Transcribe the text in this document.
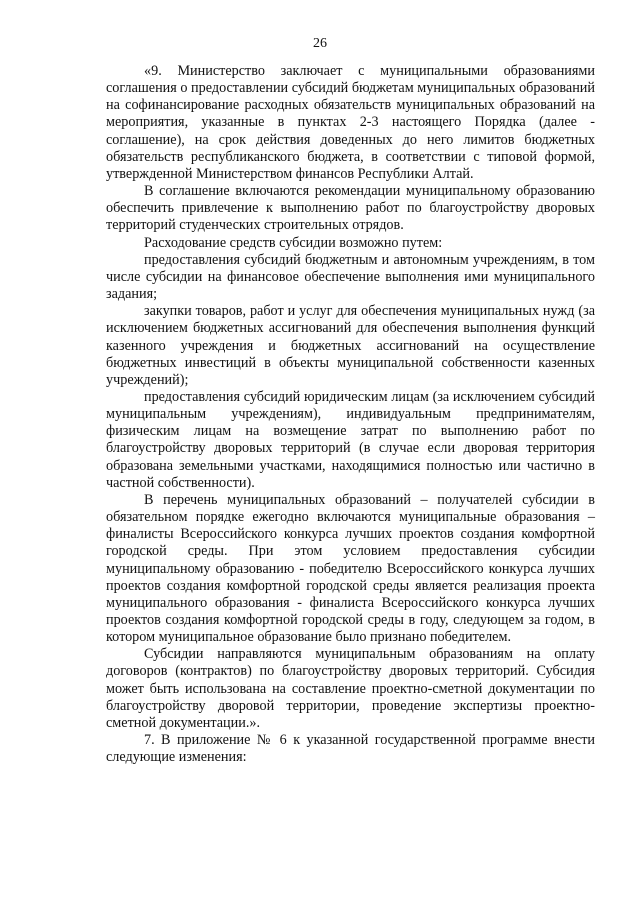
26

«9. Министерство заключает с муниципальными образованиями соглашения о предоставлении субсидий бюджетам муниципальных образований на софинансирование расходных обязательств муниципальных образований на мероприятия, указанные в пунктах 2-3 настоящего Порядка (далее - соглашение), на срок действия доведенных до него лимитов бюджетных обязательств республиканского бюджета, в соответствии с типовой формой, утвержденной Министерством финансов Республики Алтай.

В соглашение включаются рекомендации муниципальному образованию обеспечить привлечение к выполнению работ по благоустройству дворовых территорий студенческих строительных отрядов.

Расходование средств субсидии возможно путем:

предоставления субсидий бюджетным и автономным учреждениям, в том числе субсидии на финансовое обеспечение выполнения ими муниципального задания;

закупки товаров, работ и услуг для обеспечения муниципальных нужд (за исключением бюджетных ассигнований для обеспечения выполнения функций казенного учреждения и бюджетных ассигнований на осуществление бюджетных инвестиций в объекты муниципальной собственности казенных учреждений);

предоставления субсидий юридическим лицам (за исключением субсидий муниципальным учреждениям), индивидуальным предпринимателям, физическим лицам на возмещение затрат по выполнению работ по благоустройству дворовых территорий (в случае если дворовая территория образована земельными участками, находящимися полностью или частично в частной собственности).

В перечень муниципальных образований – получателей субсидии в обязательном порядке ежегодно включаются муниципальные образования – финалисты Всероссийского конкурса лучших проектов создания комфортной городской среды. При этом условием предоставления субсидии муниципальному образованию - победителю Всероссийского конкурса лучших проектов создания комфортной городской среды является реализация проекта муниципального образования - финалиста Всероссийского конкурса лучших проектов создания комфортной городской среды в году, следующем за годом, в котором муниципальное образование было признано победителем.

Субсидии направляются муниципальным образованиям на оплату договоров (контрактов) по благоустройству дворовых территорий. Субсидия может быть использована на составление проектно-сметной документации по благоустройству дворовой территории, проведение экспертизы проектно-сметной документации.».

7. В приложение № 6 к указанной государственной программе внести следующие изменения:
